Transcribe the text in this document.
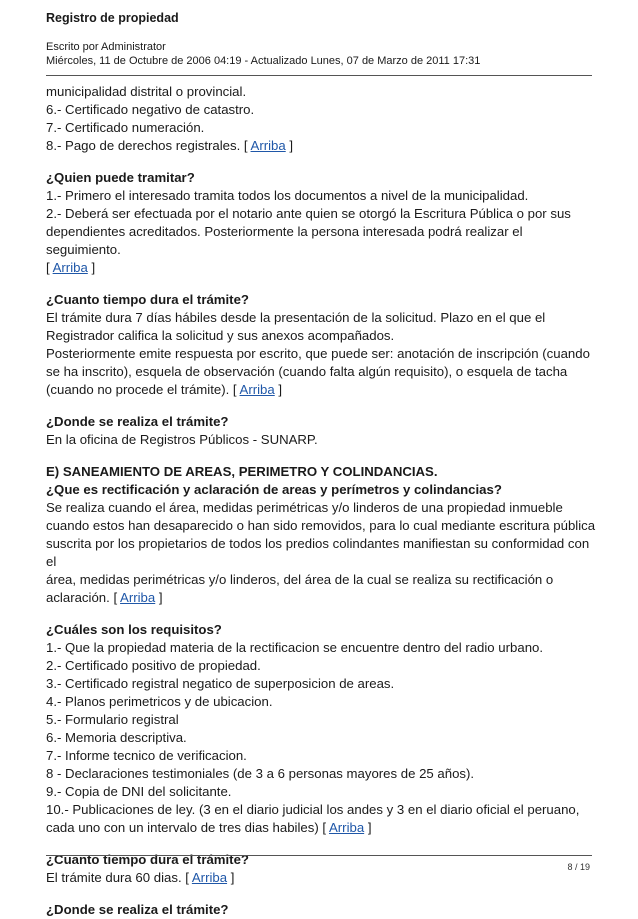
Registro de propiedad

Escrito por Administrator
Miércoles, 11 de Octubre de 2006 04:19 - Actualizado Lunes, 07 de Marzo de 2011 17:31

municipalidad distrital o provincial.

6.- Certificado negativo de catastro.

7.- Certificado numeración.

8.- Pago de derechos registrales. [ Arriba ]

¿Quien puede tramitar?

1.- Primero el interesado tramita todos los documentos a nivel de la municipalidad.

2.- Deberá ser efectuada por el notario ante quien se otorgó la Escritura Pública o por sus

dependientes acreditados. Posteriormente la persona interesada podrá realizar el seguimiento.

[ Arriba ]

¿Cuanto tiempo dura el trámite?

El trámite dura 7 días hábiles desde la presentación de la solicitud. Plazo en el que el

Registrador califica la solicitud y sus anexos acompañados.

Posteriormente emite respuesta por escrito, que puede ser: anotación de inscripción (cuando

se ha inscrito), esquela de observación (cuando falta algún requisito), o esquela de tacha

(cuando no procede el trámite). [ Arriba ]

¿Donde se realiza el trámite?

En la oficina de Registros Públicos - SUNARP.

E) SANEAMIENTO DE AREAS, PERIMETRO Y COLINDANCIAS.

¿Que es rectificación y aclaración de areas y perímetros y colindancias?

Se realiza cuando el área, medidas perimétricas y/o linderos de una propiedad inmueble

cuando estos han desaparecido o han sido removidos, para lo cual mediante escritura pública

suscrita por los propietarios de todos los predios colindantes manifiestan su conformidad con el

área, medidas perimétricas y/o linderos, del área de la cual se realiza su rectificación o

aclaración. [ Arriba ]

¿Cuáles son los requisitos?

1.- Que la propiedad materia de la rectificacion se encuentre dentro del radio urbano.

2.- Certificado positivo de propiedad.

3.- Certificado registral negatico de superposicion de areas.

4.- Planos perimetricos y de ubicacion.

5.- Formulario registral

6.- Memoria descriptiva.

7.- Informe tecnico de verificacion.

8 - Declaraciones testimoniales (de 3 a 6 personas mayores de 25 años).

9.- Copia de DNI del solicitante.

10.- Publicaciones de ley. (3 en el diario judicial los andes y 3 en el diario oficial el peruano,

cada uno con un intervalo de tres dias habiles) [ Arriba ]

¿Cuanto tiempo dura el trámite?

El trámite dura 60 dias. [ Arriba ]

¿Donde se realiza el trámite?

8 / 19
